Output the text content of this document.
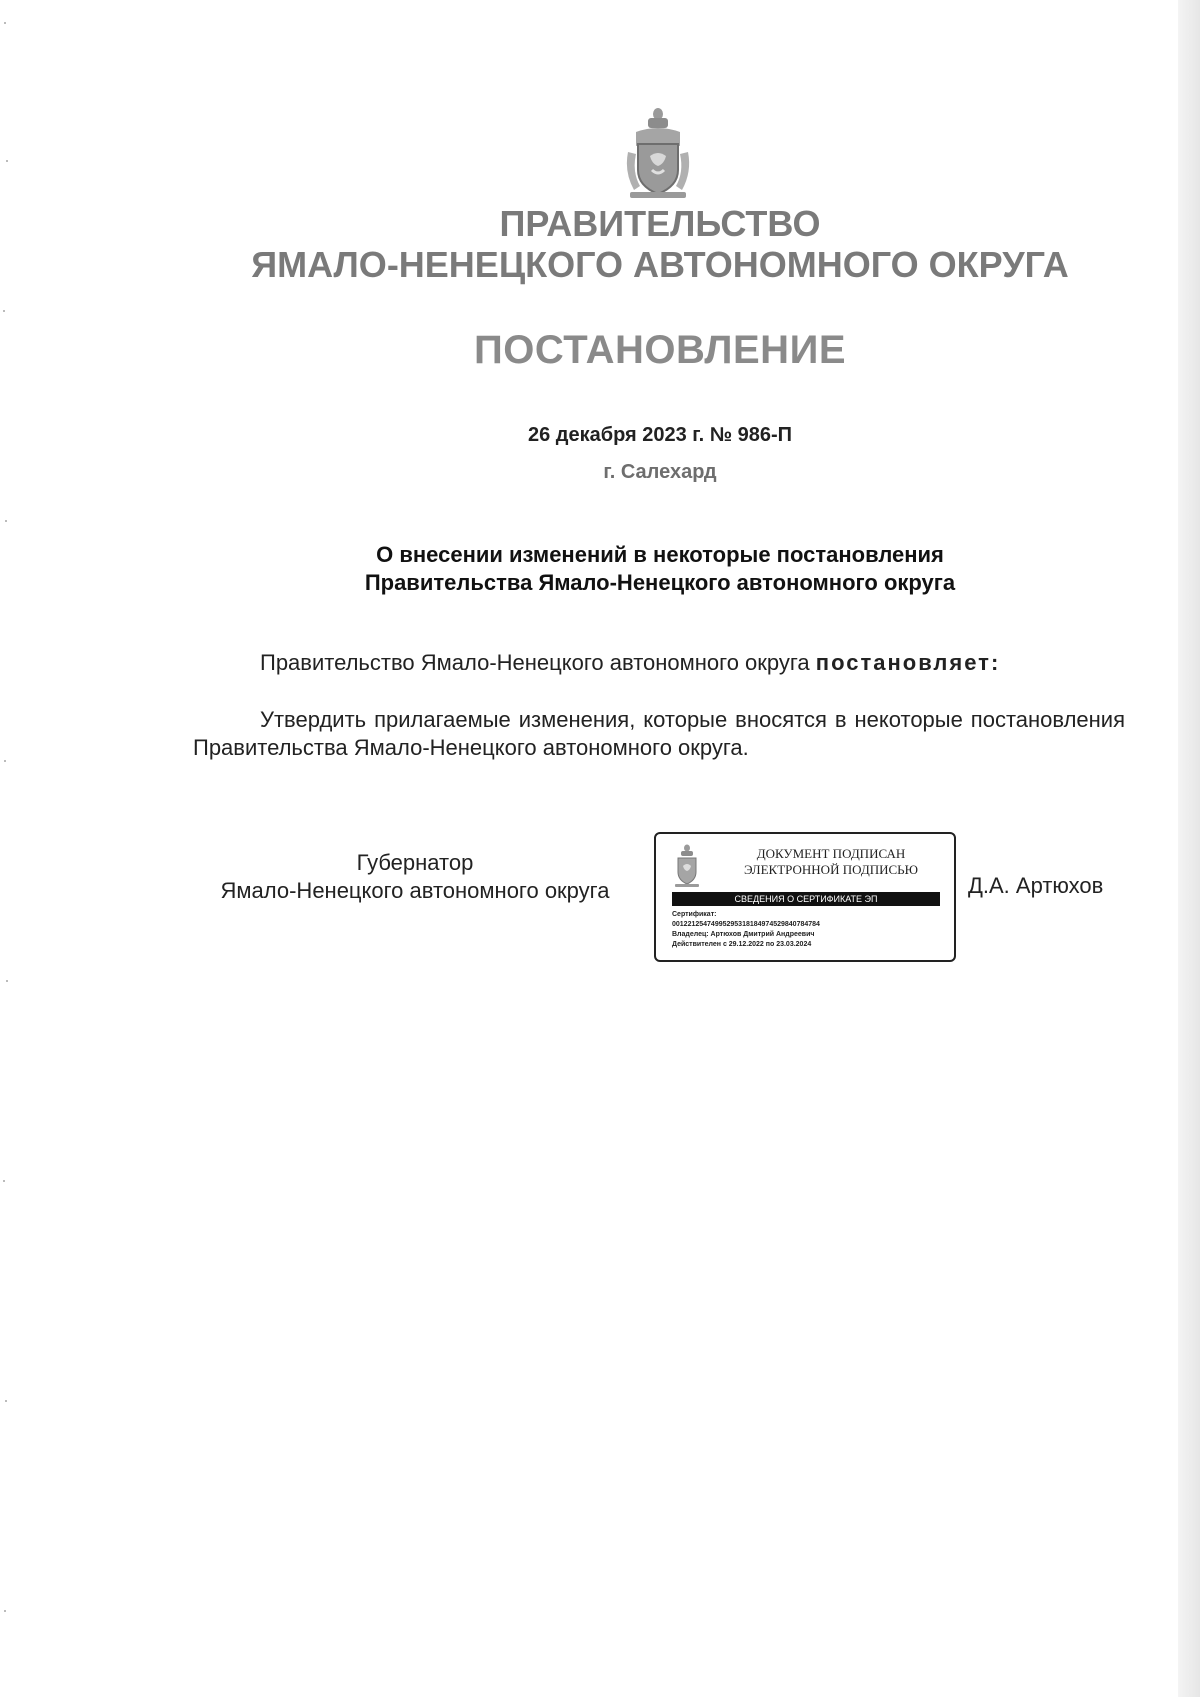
ПРАВИТЕЛЬСТВО
ЯМАЛО-НЕНЕЦКОГО АВТОНОМНОГО ОКРУГА
ПОСТАНОВЛЕНИЕ

26 декабря 2023 г. № 986-П

г. Салехард

О внесении изменений в некоторые постановления
Правительства Ямало-Ненецкого автономного округа

Правительство Ямало-Ненецкого автономного округа постановляет:

Утвердить прилагаемые изменения, которые вносятся в некоторые постановления Правительства Ямало-Ненецкого автономного округа.

Губернатор
Ямало-Ненецкого автономного округа
ДОКУМЕНТ ПОДПИСАН
ЭЛЕКТРОННОЙ ПОДПИСЬЮ
СВЕДЕНИЯ О СЕРТИФИКАТЕ ЭП
Сертификат:
00122125474995295318184974529840784784
Владелец: Артюхов Дмитрий Андреевич
Действителен с 29.12.2022 по 23.03.2024

Д.А. Артюхов
